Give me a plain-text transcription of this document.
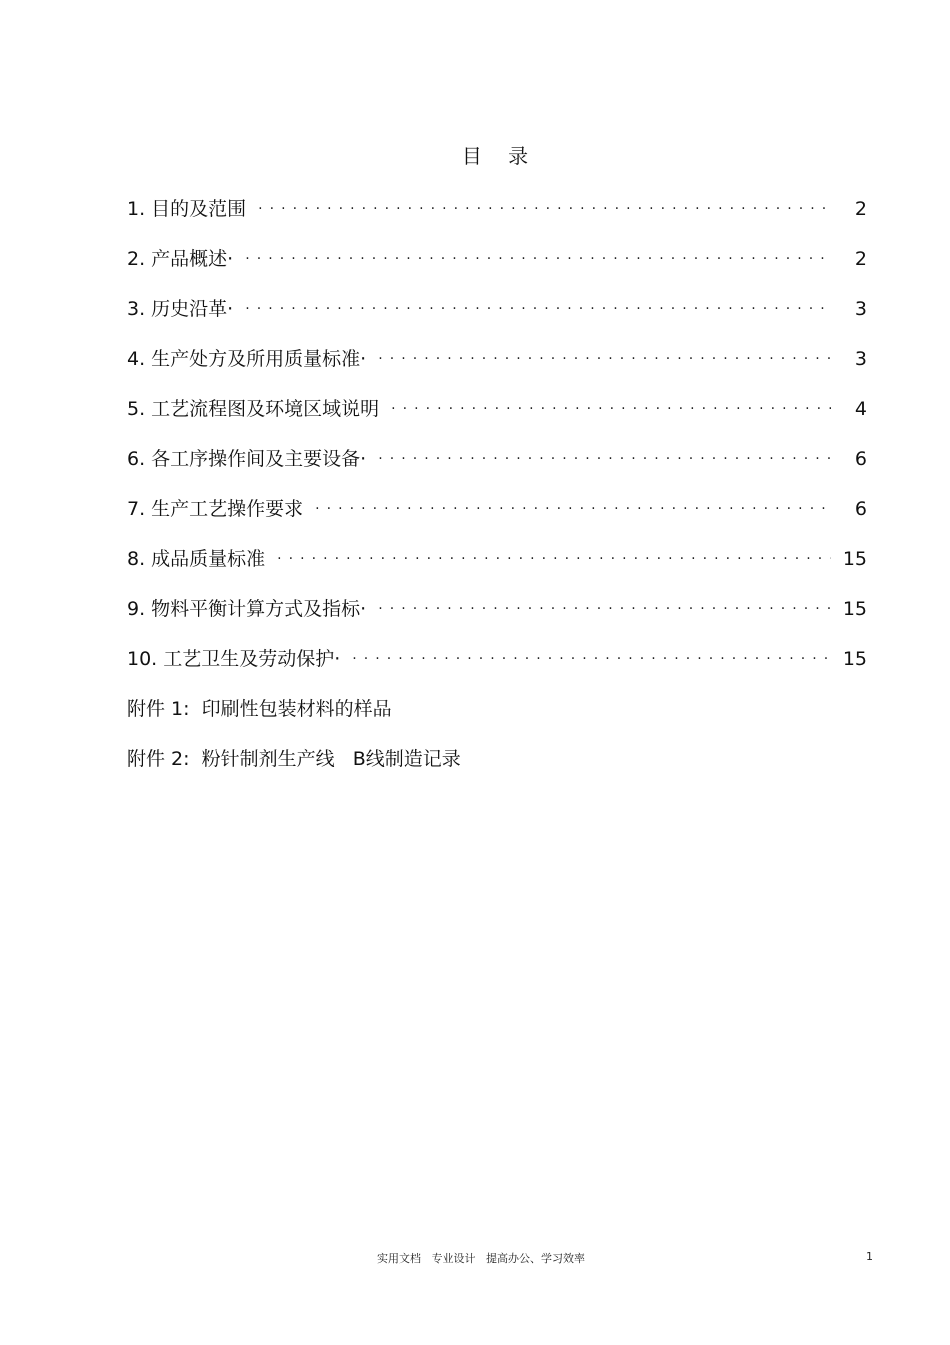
目 录
1. 目的及范围 · · ·	2
2. 产品概述· · · ·	2
3. 历史沿革· · · ·	3
4. 生产处方及所用质量标准· · · ·	3
5. 工艺流程图及环境区域说明 · · ·	4
6. 各工序操作间及主要设备· · · ·	6
7. 生产工艺操作要求 · · ·	6
8. 成品质量标准 · · ·	15
9. 物料平衡计算方式及指标· · · ·	15
10. 工艺卫生及劳动保护· · · ·	15
附件 1:  印刷性包装材料的样品
附件 2:  粉针制剂生产线   B线制造记录
实用文档   专业设计   提高办公、学习效率	1
